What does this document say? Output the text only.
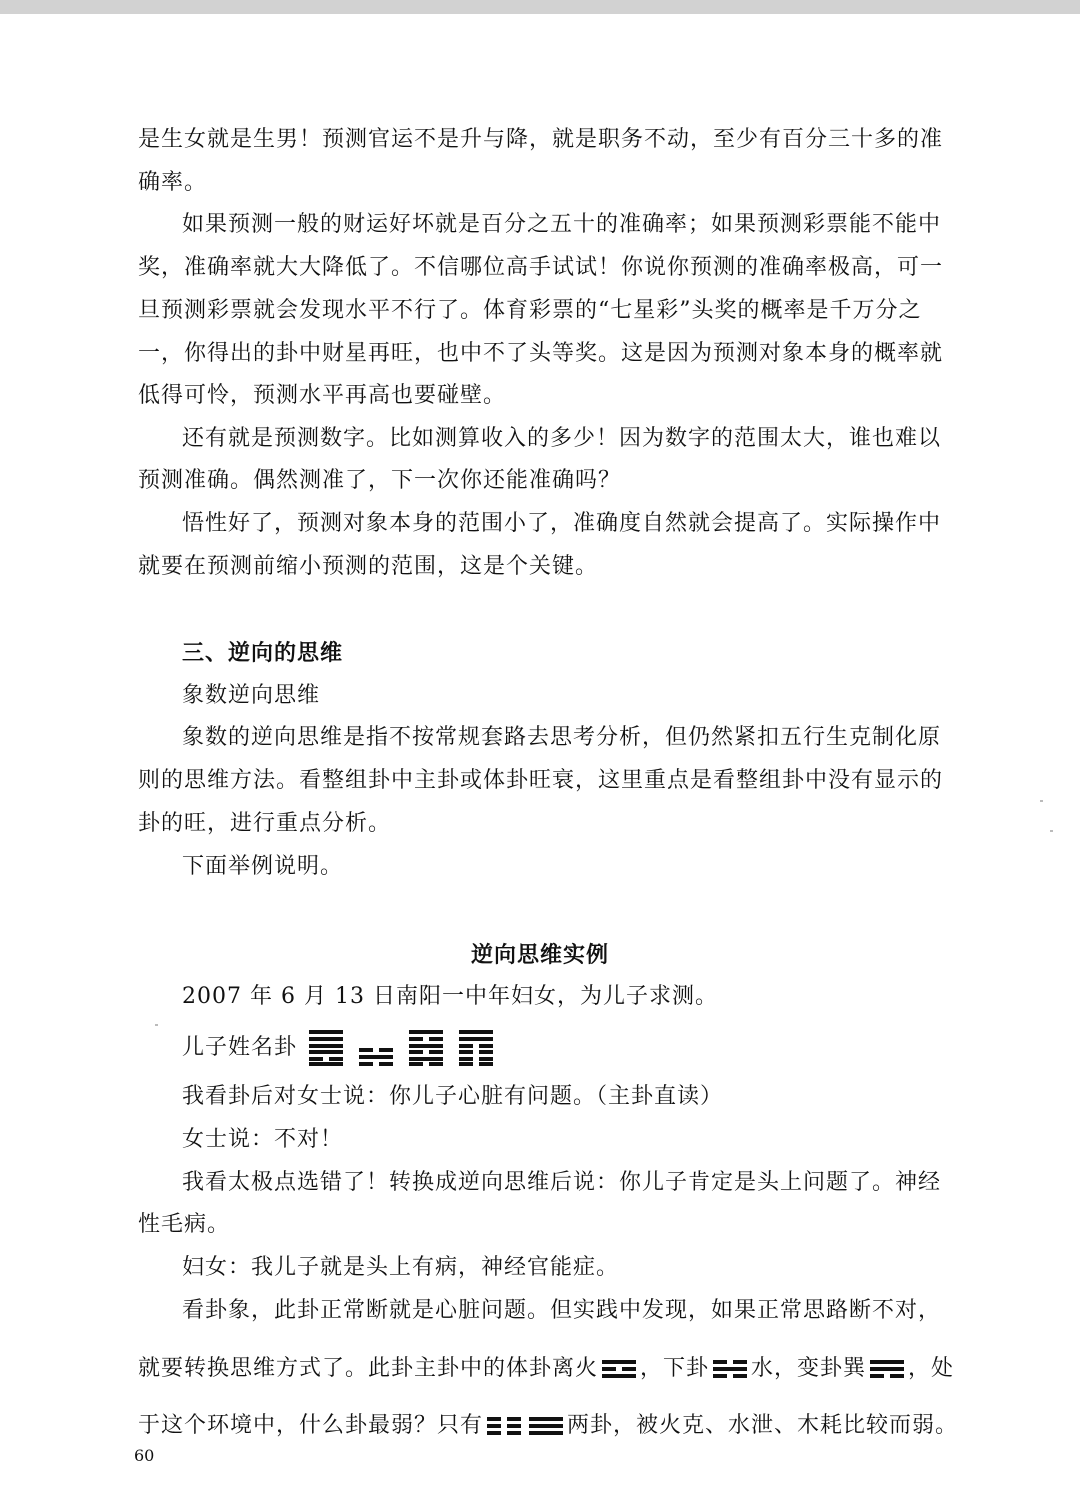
是生女就是生男！预测官运不是升与降，就是职务不动，至少有百分三十多的准
确率。
如果预测一般的财运好坏就是百分之五十的准确率；如果预测彩票能不能中
奖，准确率就大大降低了。不信哪位高手试试！你说你预测的准确率极高，可一
旦预测彩票就会发现水平不行了。体育彩票的“七星彩”头奖的概率是千万分之
一，你得出的卦中财星再旺，也中不了头等奖。这是因为预测对象本身的概率就
低得可怜，预测水平再高也要碰壁。
还有就是预测数字。比如测算收入的多少！因为数字的范围太大，谁也难以
预测准确。偶然测准了，下一次你还能准确吗？
悟性好了，预测对象本身的范围小了，准确度自然就会提高了。实际操作中
就要在预测前缩小预测的范围，这是个关键。
三、逆向的思维
象数逆向思维
象数的逆向思维是指不按常规套路去思考分析，但仍然紧扣五行生克制化原
则的思维方法。看整组卦中主卦或体卦旺衰，这里重点是看整组卦中没有显示的
卦的旺，进行重点分析。
下面举例说明。
逆向思维实例
2007 年 6 月 13 日南阳一中年妇女，为儿子求测。
儿子姓名卦

我看卦后对女士说：你儿子心脏有问题。（主卦直读）
女士说：不对！
我看太极点选错了！转换成逆向思维后说：你儿子肯定是头上问题了。神经
性毛病。
妇女：我儿子就是头上有病，神经官能症。
看卦象，此卦正常断就是心脏问题。但实践中发现，如果正常思路断不对，
就要转换思维方式了。此卦主卦中的体卦离火 ，下卦 水，变卦巽 ，处
于这个环境中，什么卦最弱？只有	两卦，被火克、水泄、木耗比较而弱。
60
